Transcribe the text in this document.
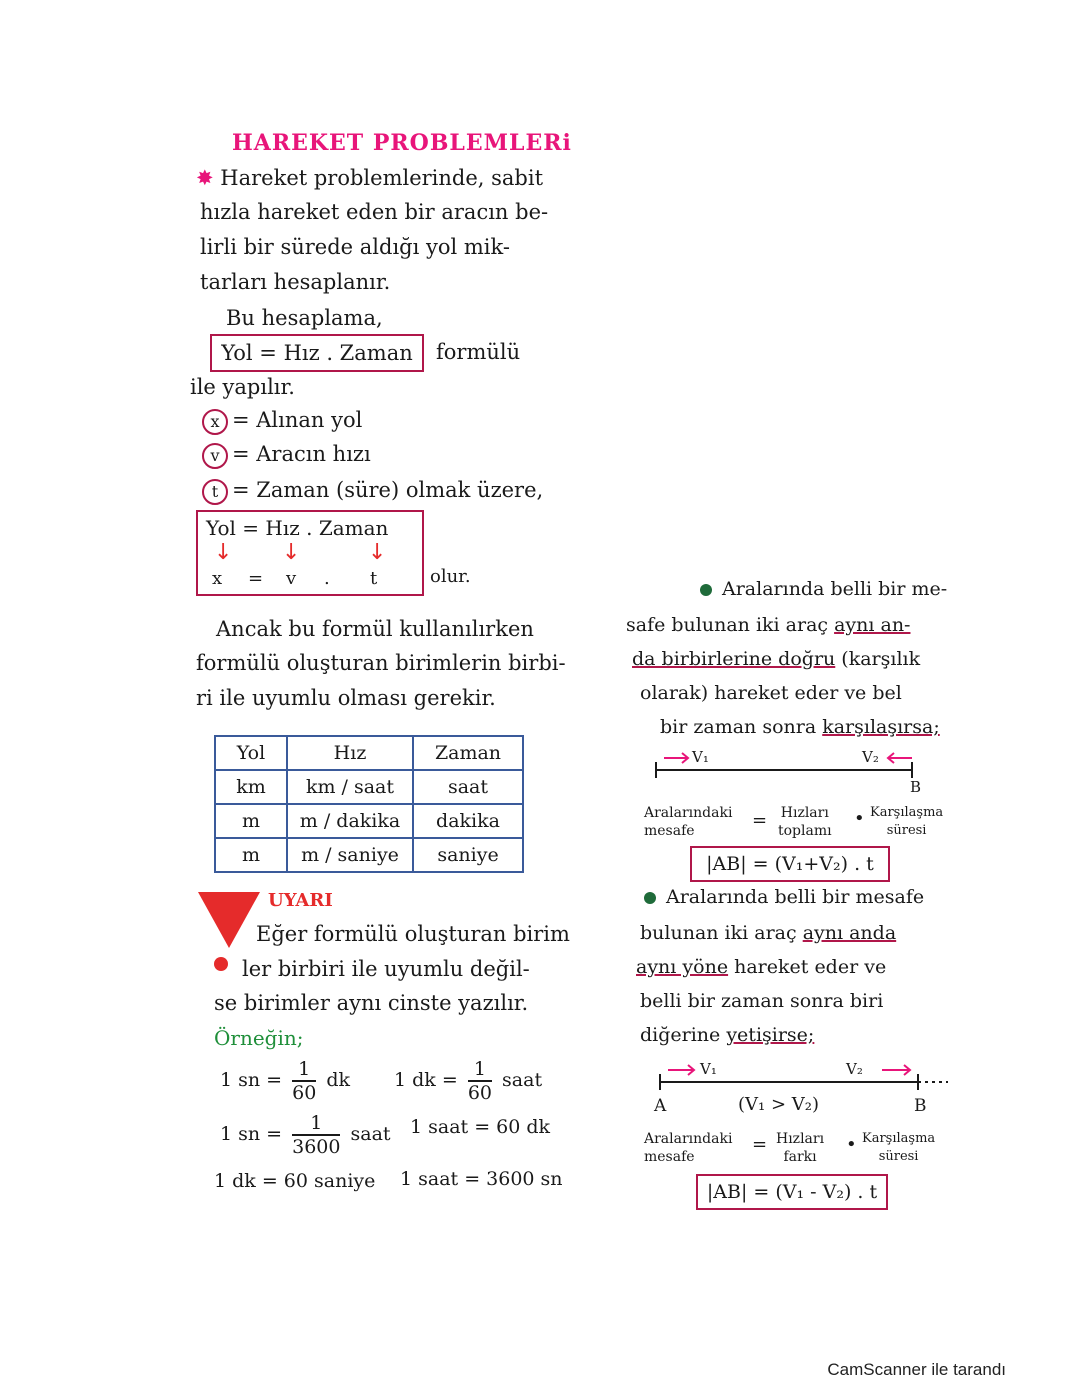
HAREKET PROBLEMLERi
✸ Hareket problemlerinde, sabit
hızla hareket eden bir aracın be-
lirli bir sürede aldığı yol mik-
tarları hesaplanır.
Bu hesaplama,
Yol = Hız . Zaman	formülü
ile yapılır.
x = Alınan yol
v = Aracın hızı
t = Zaman (süre) olmak üzere,
Yol = Hız . Zaman
↓ ↓	↓
x = v . t	olur.
Ancak bu formül kullanılırken
formülü oluşturan birimlerin birbi-
ri ile uyumlu olması gerekir.
Yol	Hız	Zaman
km	km / saat	saat
m	m / dakika	dakika
m	m / saniye	saniye
UYARI
Eğer formülü oluşturan birim
ler birbiri ile uyumlu değil-
se birimler aynı cinste yazılır.
Örneğin;
1 sn = $\frac{1}{60}$ dk 1 dk = $\frac{1}{60}$ saat
1 sn = $\frac{1}{3600}$ saat 1 saat = 60 dk
1 dk = 60 saniye 1 saat = 3600 sn
Aralarında belli bir me-
safe bulunan iki araç aynı an-
da birbirlerine doğru (karşılık
olarak) hareket eder ve bel
bir zaman sonra karşılaşırsa;
V₁	V₂
B
Aralarındaki
mesafe	= Hızları
toplamı
• Karşılaşma
süresi
|AB| = (V₁+V₂) . t
Aralarında belli bir mesafe
bulunan iki araç aynı anda
aynı yöne hareket eder ve
belli bir zaman sonra biri
diğerine yetişirse;
V₁	V₂
A	(V₁ > V₂)	B
Aralarındaki
mesafe
= Hızları
farkı
• Karşılaşma
süresi
|AB| = (V₁ - V₂) . t
CamScanner ile tarandı
